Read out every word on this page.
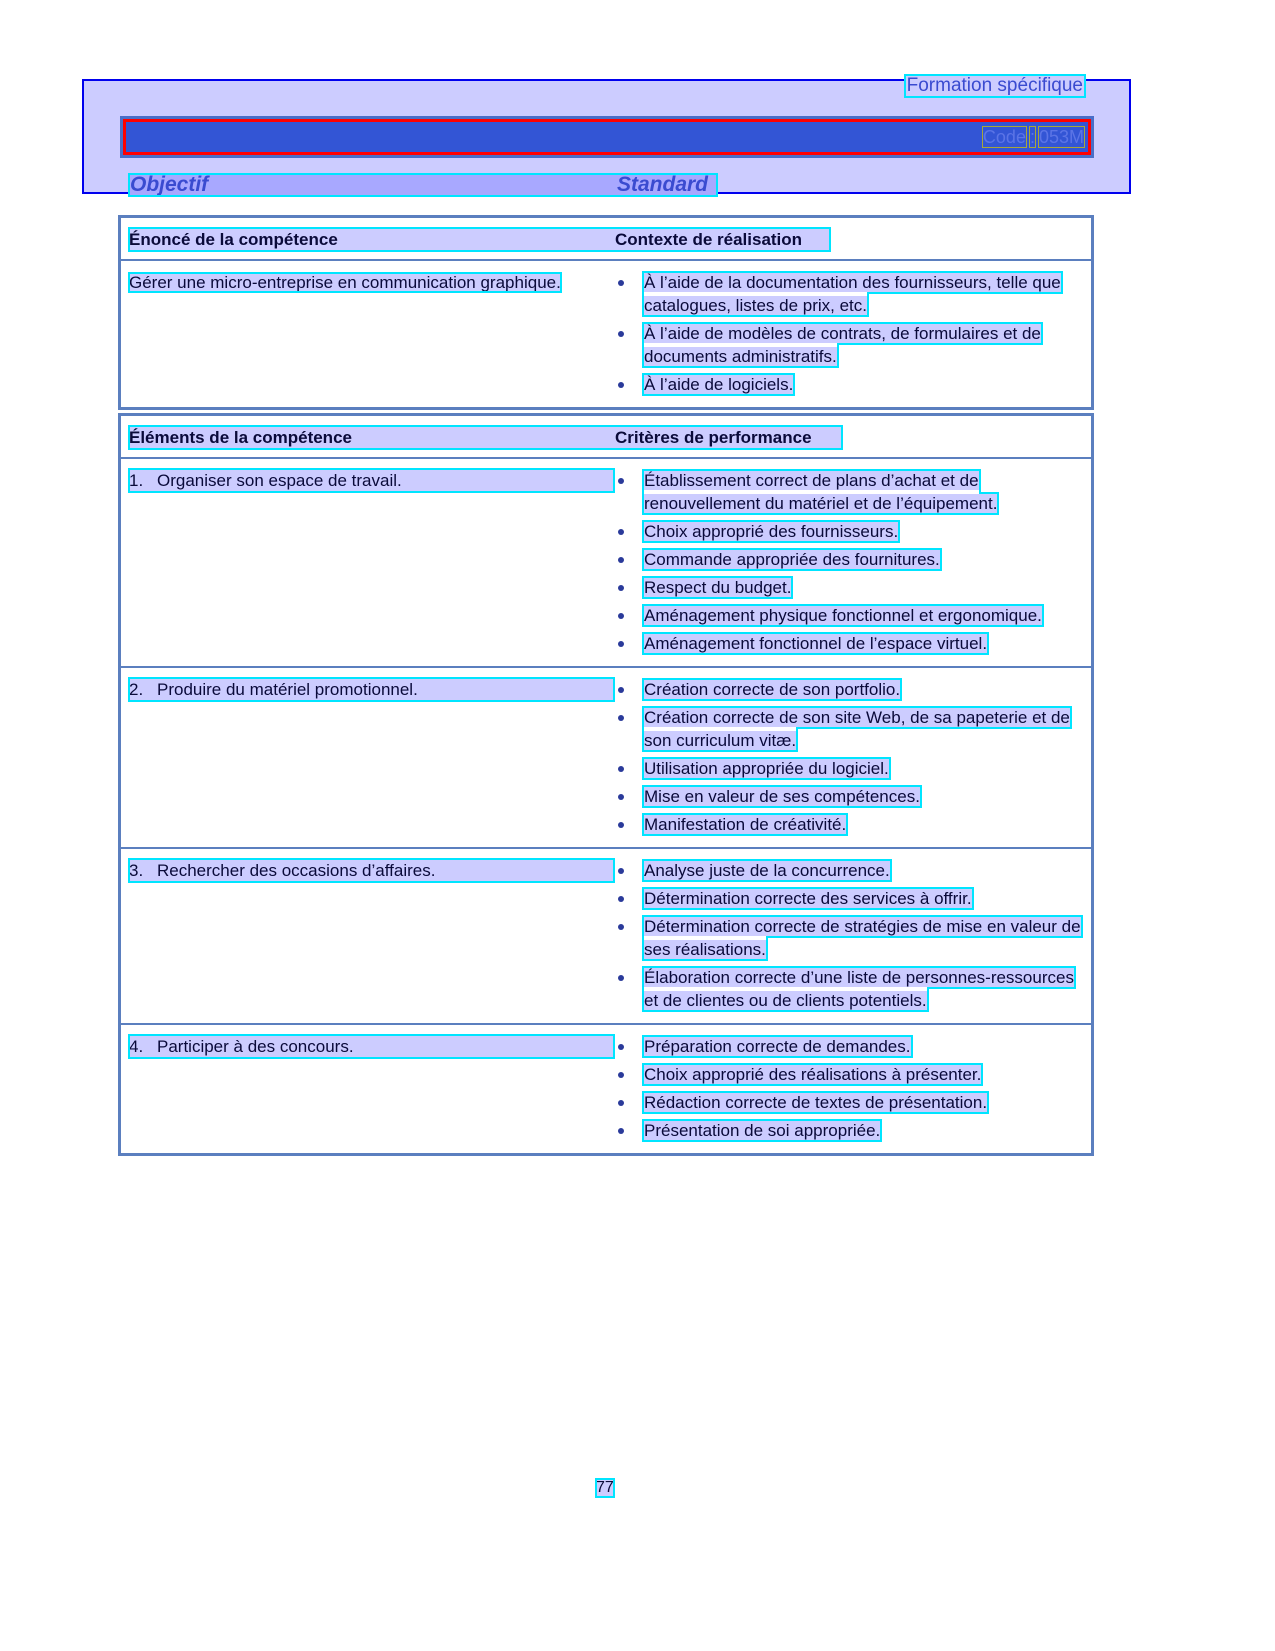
Formation spécifique
Code : 053M
Objectif	Standard
Énoncé de la compétence	Contexte de réalisation
Gérer une micro-entreprise en communication graphique.	À l’aide de la documentation des fournisseurs, telle que catalogues, listes de prix, etc.
À l’aide de modèles de contrats, de formulaires et de documents administratifs.
À l’aide de logiciels.
Éléments de la compétence	Critères de performance
1. Organiser son espace de travail.	Établissement correct de plans d’achat et de renouvellement du matériel et de l’équipement.
Choix approprié des fournisseurs.
Commande appropriée des fournitures.
Respect du budget.
Aménagement physique fonctionnel et ergonomique.
Aménagement fonctionnel de l’espace virtuel.
2. Produire du matériel promotionnel.	Création correcte de son portfolio.
Création correcte de son site Web, de sa papeterie et de son curriculum vitæ.
Utilisation appropriée du logiciel.
Mise en valeur de ses compétences.
Manifestation de créativité.
3. Rechercher des occasions d’affaires.	Analyse juste de la concurrence.
Détermination correcte des services à offrir.
Détermination correcte de stratégies de mise en valeur de ses réalisations.
Élaboration correcte d’une liste de personnes-ressources et de clientes ou de clients potentiels.
4. Participer à des concours.	Préparation correcte de demandes.
Choix approprié des réalisations à présenter.
Rédaction correcte de textes de présentation.
Présentation de soi appropriée.
77
